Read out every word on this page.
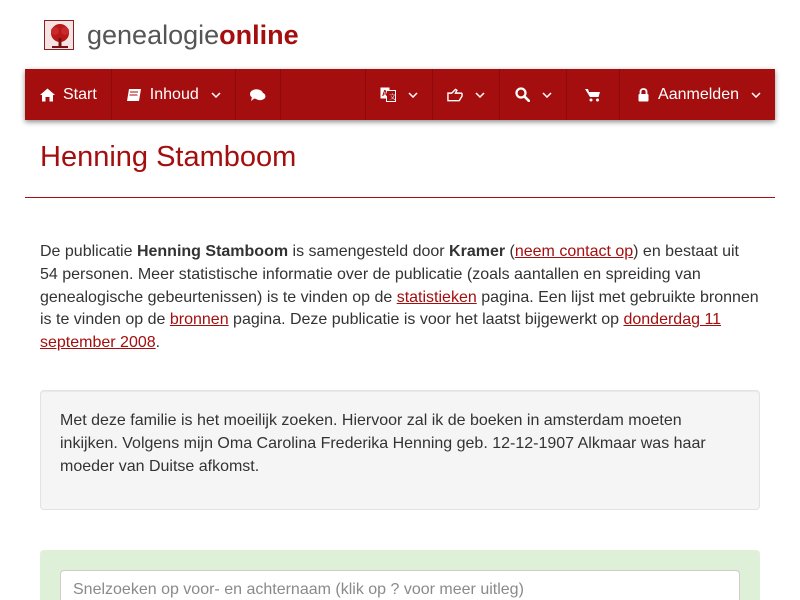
genealogieonline
Start	Inhoud	A 文	Aanmelden
Henning Stamboom

De publicatie Henning Stamboom is samengesteld door Kramer (neem contact op) en bestaat uit 54 personen. Meer statistische informatie over de publicatie (zoals aantallen en spreiding van genealogische gebeurtenissen) is te vinden op de statistieken pagina. Een lijst met gebruikte bronnen is te vinden op de bronnen pagina. Deze publicatie is voor het laatst bijgewerkt op donderdag 11 september 2008.

Met deze familie is het moeilijk zoeken. Hiervoor zal ik de boeken in amsterdam moeten inkijken. Volgens mijn Oma Carolina Frederika Henning geb. 12-12-1907 Alkmaar was haar moeder van Duitse afkomst.
Snelzoeken op voor- en achternaam (klik op ? voor meer uitleg)
